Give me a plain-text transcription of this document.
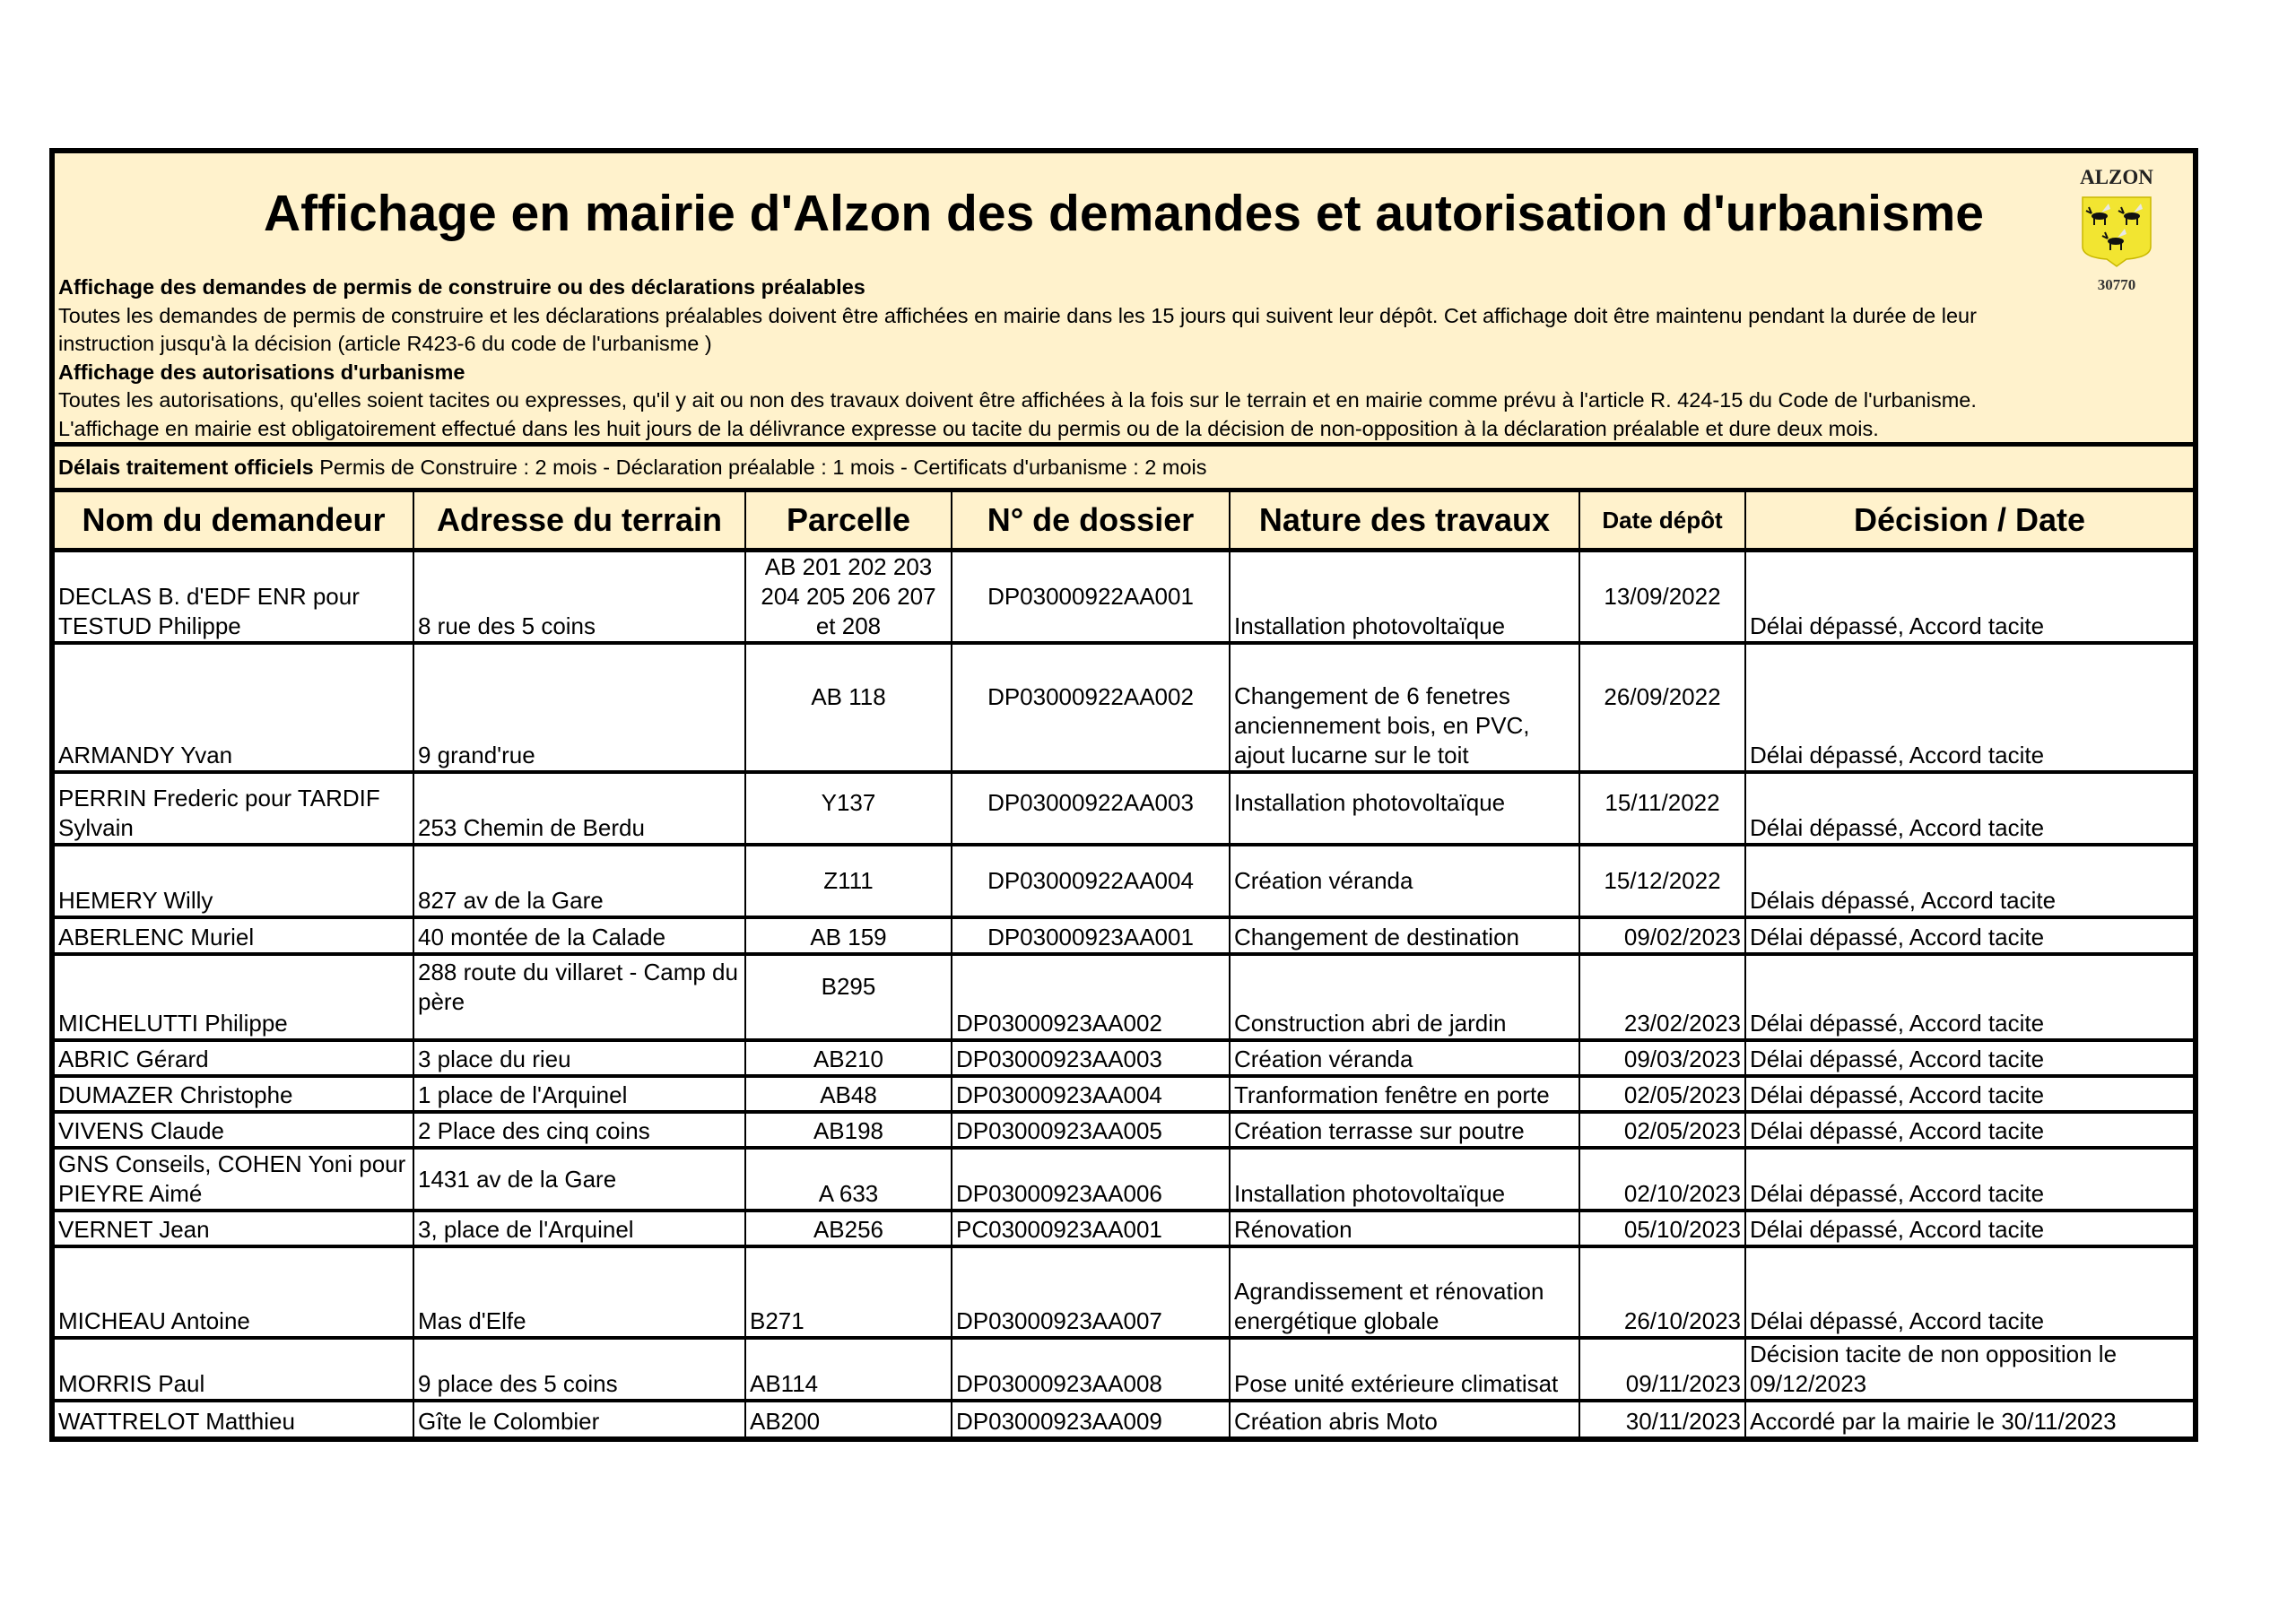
Affichage en mairie d'Alzon des demandes et autorisation d'urbanisme
ALZON
30770
Affichage des demandes de permis de construire ou des déclarations préalables
Toutes les demandes de permis de construire et les déclarations préalables doivent être affichées en mairie dans les 15 jours qui suivent leur dépôt. Cet affichage doit être maintenu pendant la durée de leur
instruction jusqu'à la décision (article R423-6 du code de l'urbanisme )
Affichage des autorisations d'urbanisme
Toutes les autorisations, qu'elles soient tacites ou expresses, qu'il y ait ou non des travaux doivent être affichées à la fois sur le terrain et en mairie comme prévu à l'article R. 424-15 du Code de l'urbanisme.
L'affichage en mairie est obligatoirement effectué dans les huit jours de la délivrance expresse ou tacite du permis ou de la décision de non-opposition à la déclaration préalable et dure deux mois.
Délais traitement officiels Permis de Construire : 2 mois - Déclaration préalable : 1 mois - Certificats d'urbanisme : 2 mois
Nom du demandeur	Adresse du terrain	Parcelle	N° de dossier	Nature des travaux	Date dépôt	Décision / Date
DECLAS B. d'EDF ENR pour TESTUD Philippe	8 rue des 5 coins	AB 201 202 203 204 205 206 207 et 208	DP03000922AA001	Installation photovoltaïque	13/09/2022	Délai dépassé, Accord tacite
ARMANDY Yvan	9 grand'rue	AB 118	DP03000922AA002	Changement de 6 fenetres anciennement bois, en PVC, ajout lucarne sur le toit	26/09/2022	Délai dépassé, Accord tacite
PERRIN Frederic pour TARDIF Sylvain	253 Chemin de Berdu	Y137	DP03000922AA003	Installation photovoltaïque	15/11/2022	Délai dépassé, Accord tacite
HEMERY Willy	827 av de la Gare	Z111	DP03000922AA004	Création véranda	15/12/2022	Délais dépassé, Accord tacite
ABERLENC Muriel	40 montée de la Calade	AB 159	DP03000923AA001	Changement de destination	09/02/2023	Délai dépassé, Accord tacite
MICHELUTTI Philippe	288 route du villaret - Camp du père	B295	DP03000923AA002	Construction abri de jardin	23/02/2023	Délai dépassé, Accord tacite
ABRIC Gérard	3 place du rieu	AB210	DP03000923AA003	Création véranda	09/03/2023	Délai dépassé, Accord tacite
DUMAZER Christophe	1 place de l'Arquinel	AB48	DP03000923AA004	Tranformation fenêtre en porte	02/05/2023	Délai dépassé, Accord tacite
VIVENS Claude	2 Place des cinq coins	AB198	DP03000923AA005	Création terrasse sur poutre	02/05/2023	Délai dépassé, Accord tacite
GNS Conseils, COHEN Yoni pour PIEYRE Aimé	1431 av de la Gare	A 633	DP03000923AA006	Installation photovoltaïque	02/10/2023	Délai dépassé, Accord tacite
VERNET Jean	3, place de l'Arquinel	AB256	PC03000923AA001	Rénovation	05/10/2023	Délai dépassé, Accord tacite
MICHEAU Antoine	Mas d'Elfe	B271	DP03000923AA007	Agrandissement et rénovation energétique globale	26/10/2023	Délai dépassé, Accord tacite
MORRIS Paul	9 place des 5 coins	AB114	DP03000923AA008	Pose unité extérieure climatisat	09/11/2023	Décision tacite de non opposition le 09/12/2023
WATTRELOT Matthieu	Gîte le Colombier	AB200	DP03000923AA009	Création abris Moto	30/11/2023	Accordé par la mairie le 30/11/2023
